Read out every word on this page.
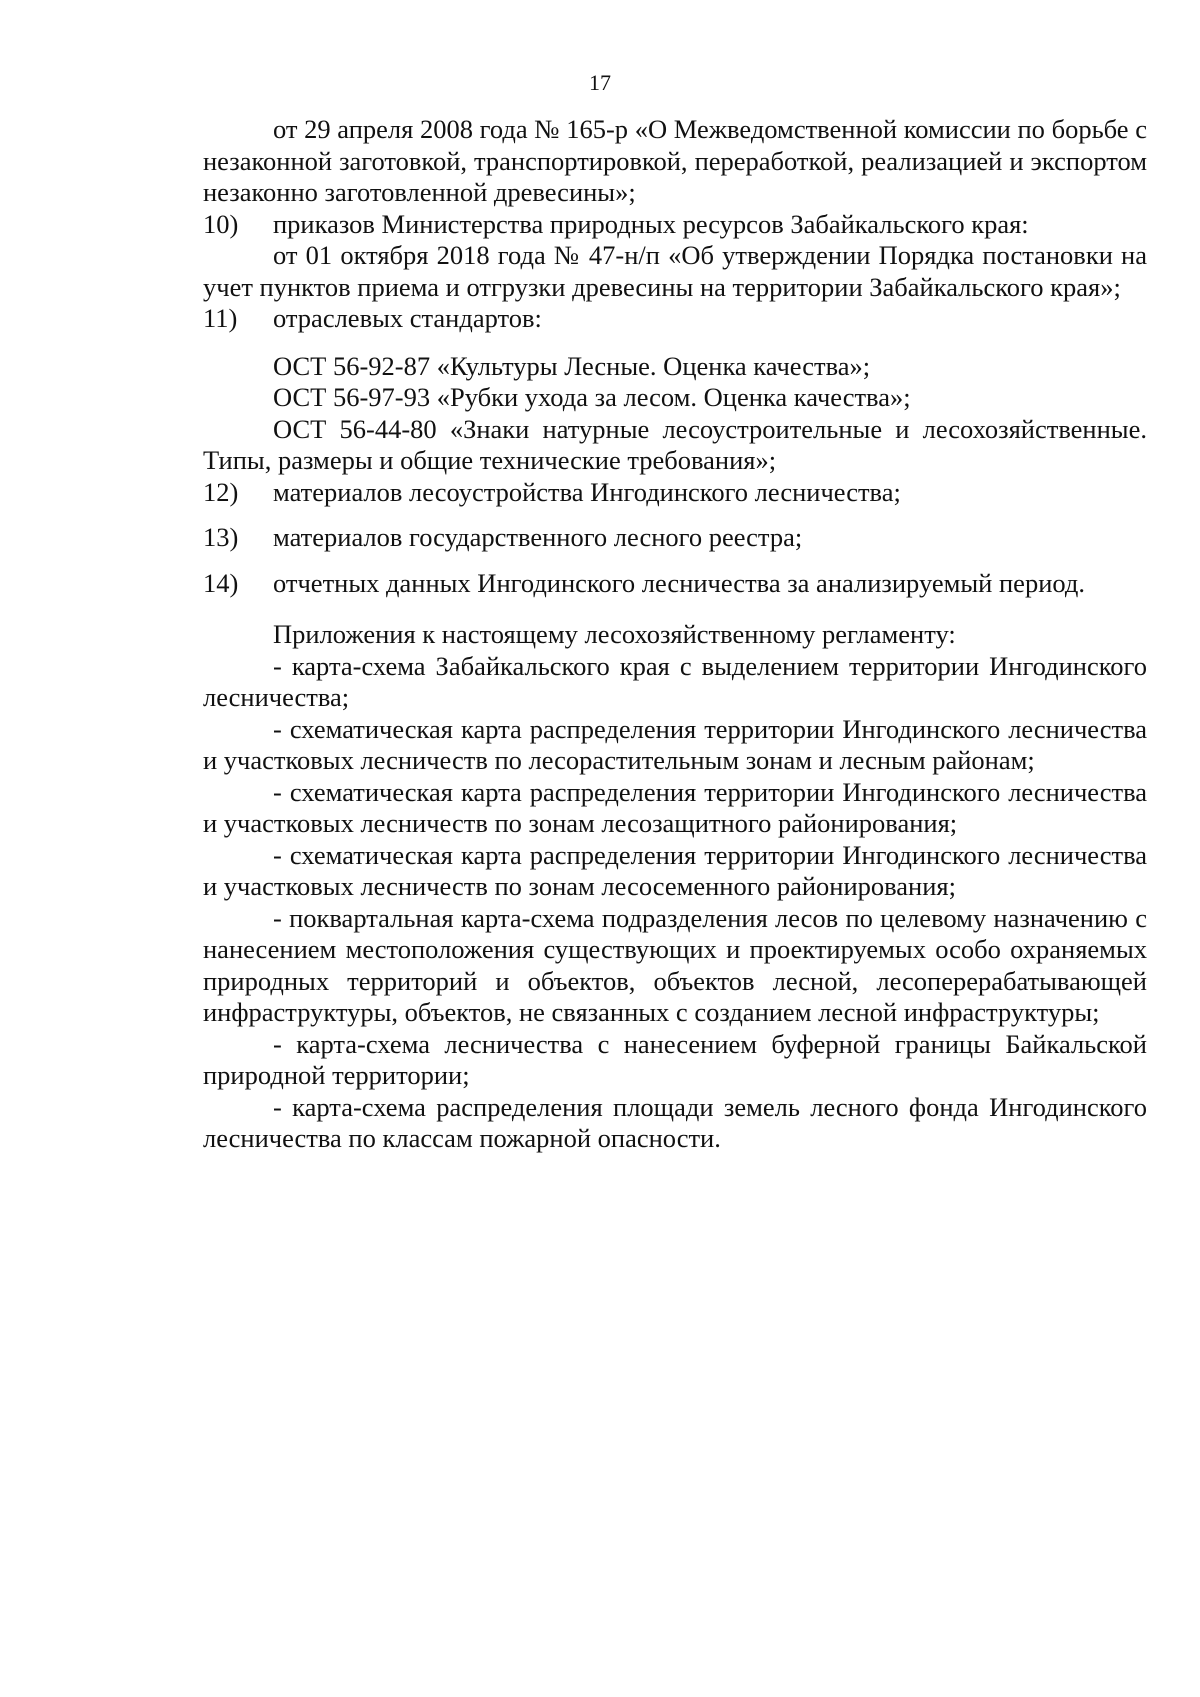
17

от 29 апреля 2008 года № 165-р «О Межведомственной комиссии по борьбе с незаконной заготовкой, транспортировкой, переработкой, реализацией и экспортом незаконно заготовленной древесины»;

10)	приказов Министерства природных ресурсов Забайкальского края:

от 01 октября 2018 года № 47-н/п «Об утверждении Порядка постановки на учет пунктов приема и отгрузки древесины на территории Забайкальского края»;

11)	отраслевых стандартов:

ОСТ 56-92-87 «Культуры Лесные. Оценка качества»;

ОСТ 56-97-93 «Рубки ухода за лесом. Оценка качества»;

ОСТ 56-44-80 «Знаки натурные лесоустроительные и лесохозяйственные. Типы, размеры и общие технические требования»;

12)	материалов лесоустройства Ингодинского лесничества;
13)	материалов государственного лесного реестра;
14)	отчетных данных Ингодинского лесничества за анализируемый период.

Приложения к настоящему лесохозяйственному регламенту:

- карта-схема Забайкальского края с выделением территории Ингодинского лесничества;

- схематическая карта распределения территории Ингодинского лесничества и участковых лесничеств по лесорастительным зонам и лесным районам;

- схематическая карта распределения территории Ингодинского лесничества и участковых лесничеств по зонам лесозащитного районирования;

- схематическая карта распределения территории Ингодинского лесничества и участковых лесничеств по зонам лесосеменного районирования;

- поквартальная карта-схема подразделения лесов по целевому назначению с нанесением местоположения существующих и проектируемых особо охраняемых природных территорий и объектов, объектов лесной, лесоперерабатывающей инфраструктуры, объектов, не связанных с созданием лесной инфраструктуры;

- карта-схема лесничества с нанесением буферной границы Байкальской природной территории;

- карта-схема распределения площади земель лесного фонда Ингодинского лесничества по классам пожарной опасности.
